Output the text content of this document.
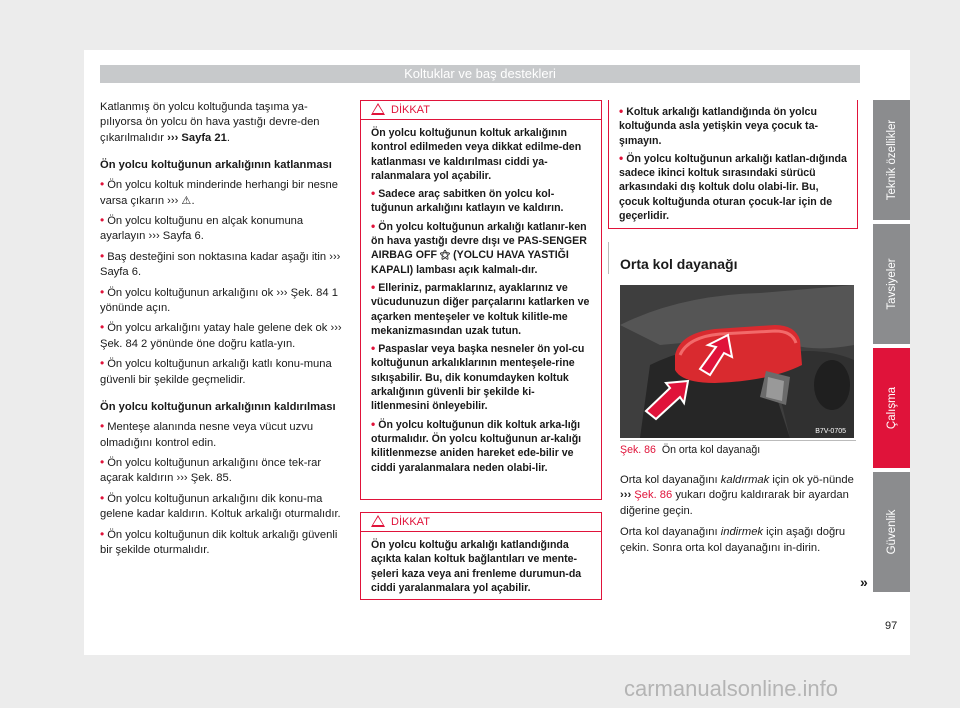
Koltuklar ve baş destekleri

Katlanmış ön yolcu koltuğunda taşıma ya-pılıyorsa ön yolcu ön hava yastığı devre-den çıkarılmalıdır ››› Sayfa 21.

Ön yolcu koltuğunun arkalığının katlanması

• Ön yolcu koltuk minderinde herhangi bir nesne varsa çıkarın ››› ⚠.

• Ön yolcu koltuğunu en alçak konumuna ayarlayın ››› Sayfa 6.

• Baş desteğini son noktasına kadar aşağı itin ››› Sayfa 6.

• Ön yolcu koltuğunun arkalığını ok ››› Şek. 84 1 yönünde açın.

• Ön yolcu arkalığını yatay hale gelene dek ok ››› Şek. 84 2 yönünde öne doğru katla-yın.

• Ön yolcu koltuğunun arkalığı katlı konu-muna güvenli bir şekilde geçmelidir.

Ön yolcu koltuğunun arkalığının kaldırılması

• Menteşe alanında nesne veya vücut uzvu olmadığını kontrol edin.

• Ön yolcu koltuğunun arkalığını önce tek-rar açarak kaldırın ››› Şek. 85.

• Ön yolcu koltuğunun arkalığını dik konu-ma gelene kadar kaldırın. Koltuk arkalığı oturmalıdır.

• Ön yolcu koltuğunun dik koltuk arkalığı güvenli bir şekilde oturmalıdır.

DİKKAT

Ön yolcu koltuğunun koltuk arkalığının kontrol edilmeden veya dikkat edilme-den katlanması ve kaldırılması ciddi ya-ralanmalara yol açabilir.

• Sadece araç sabitken ön yolcu kol-tuğunun arkalığını katlayın ve kaldırın.

• Ön yolcu koltuğunun arkalığı katlanır-ken ön hava yastığı devre dışı ve PAS-SENGER AIRBAG OFF ⚝ (YOLCU HAVA YASTIĞI KAPALI) lambası açık kalmalı-dır.

• Elleriniz, parmaklarınız, ayaklarınız ve vücudunuzun diğer parçalarını katlarken ve açarken menteşeler ve koltuk kilitle-me mekanizmasından uzak tutun.

• Paspaslar veya başka nesneler ön yol-cu koltuğunun arkalıklarının menteşele-rine sıkışabilir. Bu, dik konumdayken koltuk arkalığının güvenli bir şekilde ki-litlenmesini önleyebilir.

• Ön yolcu koltuğunun dik koltuk arka-lığı oturmalıdır. Ön yolcu koltuğunun ar-kalığı kilitlenmezse aniden hareket ede-bilir ve ciddi yaralanmalara neden olabi-lir.

DİKKAT

Ön yolcu koltuğu arkalığı katlandığında açıkta kalan koltuk bağlantıları ve mente-şeleri kaza veya ani frenleme durumun-da ciddi yaralanmalara yol açabilir.

• Koltuk arkalığı katlandığında ön yolcu koltuğunda asla yetişkin veya çocuk ta-şımayın.

• Ön yolcu koltuğunun arkalığı katlan-dığında sadece ikinci koltuk sırasındaki sürücü arkasındaki dış koltuk dolu olabi-lir. Bu, çocuk koltuğunda oturan çocuk-lar için de geçerlidir.

Orta kol dayanağı
B7V-0705
Şek. 86 Ön orta kol dayanağı

Orta kol dayanağını kaldırmak için ok yö-nünde ››› Şek. 86 yukarı doğru kaldırarak bir ayardan diğerine geçin.

Orta kol dayanağını indirmek için aşağı doğru çekin. Sonra orta kol dayanağını in-dirin.

»
Teknik özellikler
Tavsiyeler
Çalışma
Güvenlik
97
carmanualsonline.info
